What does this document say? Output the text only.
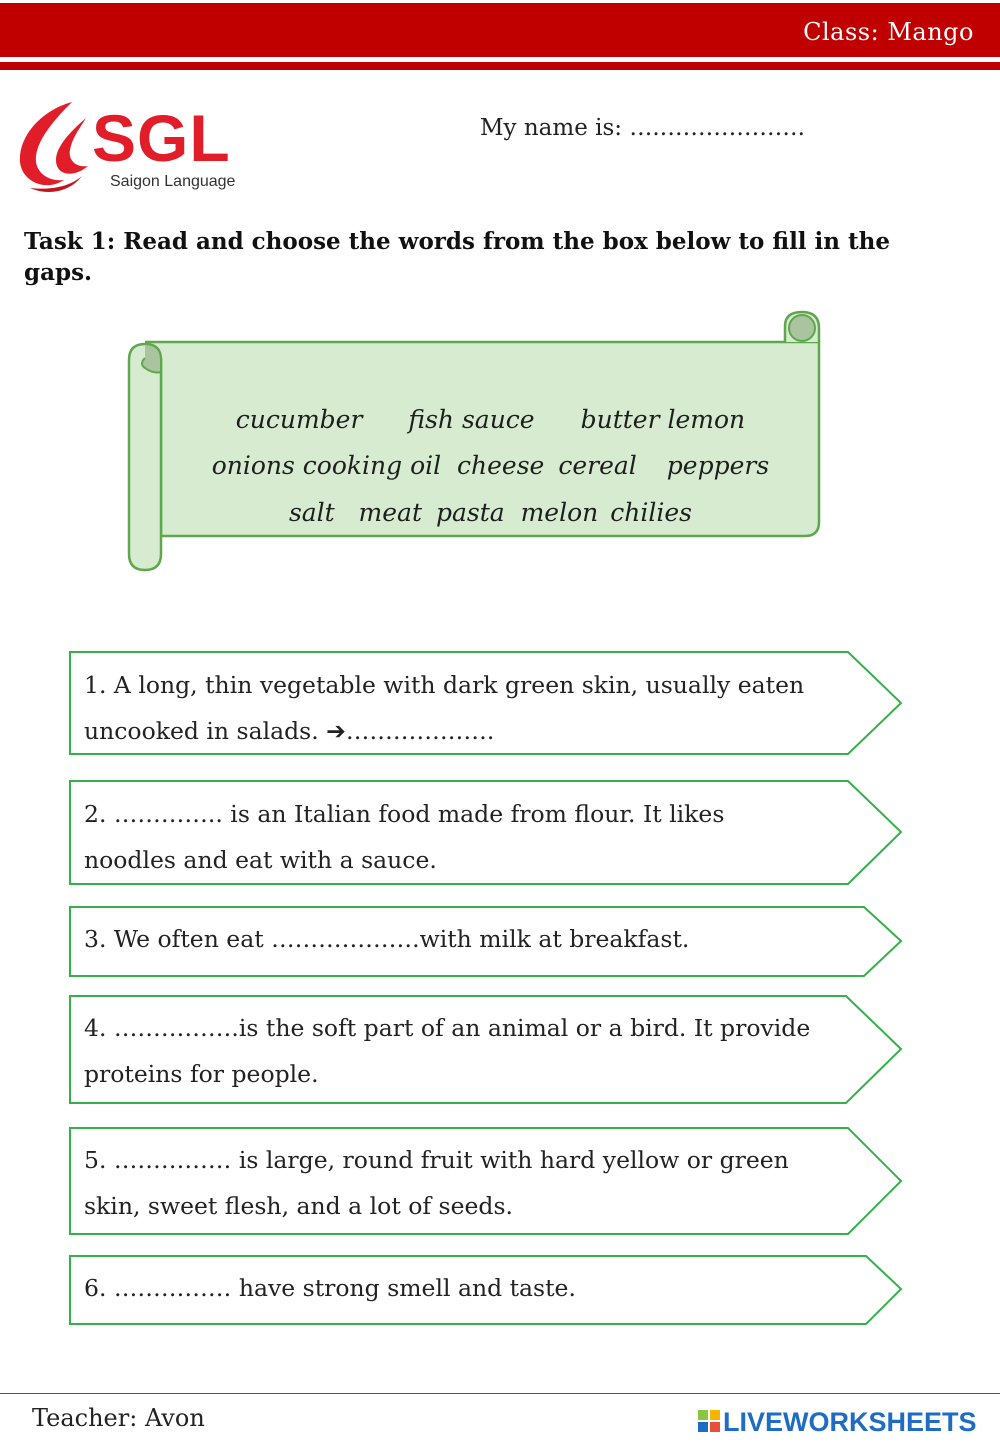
Class: Mango
SGL
Saigon Language
My name is: ….……………….
Task 1: Read and choose the words from the box below to fill in the gaps.

cucumber fish sauce butter lemon

onions cooking oil  cheese cereal peppers

salt   meat pasta  melon chilies

1. A long, thin vegetable with dark green skin, usually eaten
uncooked in salads. ➔……………….
2. ………….. is an Italian food made from flour. It likes
noodles and eat with a sauce.
3. We often eat ……………….with milk at breakfast.
4. …………….is the soft part of an animal or a bird. It provide
proteins for people.
5. …………… is large, round fruit with hard yellow or green
skin, sweet flesh, and a lot of seeds.
6. …………… have strong smell and taste.
Teacher: Avon	LIVEWORKSHEETS
